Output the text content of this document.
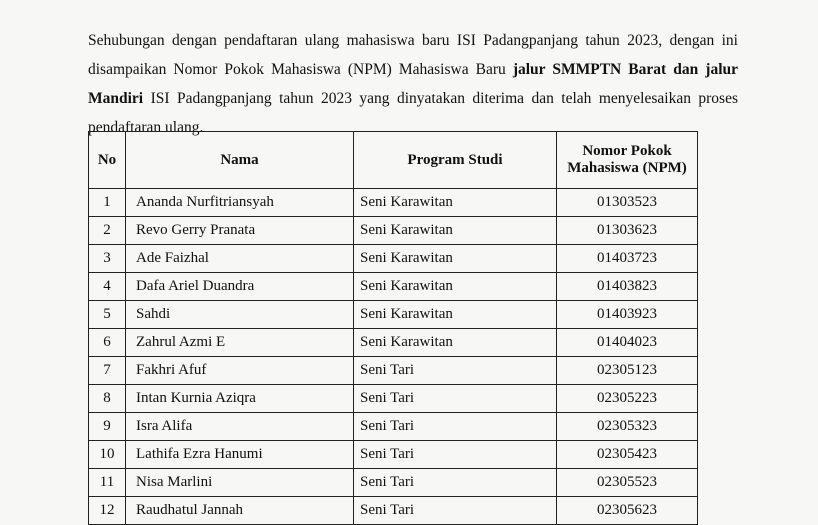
Sehubungan dengan pendaftaran ulang mahasiswa baru ISI Padangpanjang tahun 2023, dengan ini disampaikan Nomor Pokok Mahasiswa (NPM) Mahasiswa Baru jalur SMMPTN Barat dan jalur Mandiri ISI Padangpanjang tahun 2023 yang dinyatakan diterima dan telah menyelesaikan proses pendaftaran ulang.

No	Nama	Program Studi	Nomor Pokok Mahasiswa (NPM)
1	Ananda Nurfitriansyah	Seni Karawitan	01303523
2	Revo Gerry Pranata	Seni Karawitan	01303623
3	Ade Faizhal	Seni Karawitan	01403723
4	Dafa Ariel Duandra	Seni Karawitan	01403823
5	Sahdi	Seni Karawitan	01403923
6	Zahrul Azmi E	Seni Karawitan	01404023
7	Fakhri Afuf	Seni Tari	02305123
8	Intan Kurnia Aziqra	Seni Tari	02305223
9	Isra Alifa	Seni Tari	02305323
10	Lathifa Ezra Hanumi	Seni Tari	02305423
11	Nisa Marlini	Seni Tari	02305523
12	Raudhatul Jannah	Seni Tari	02305623
